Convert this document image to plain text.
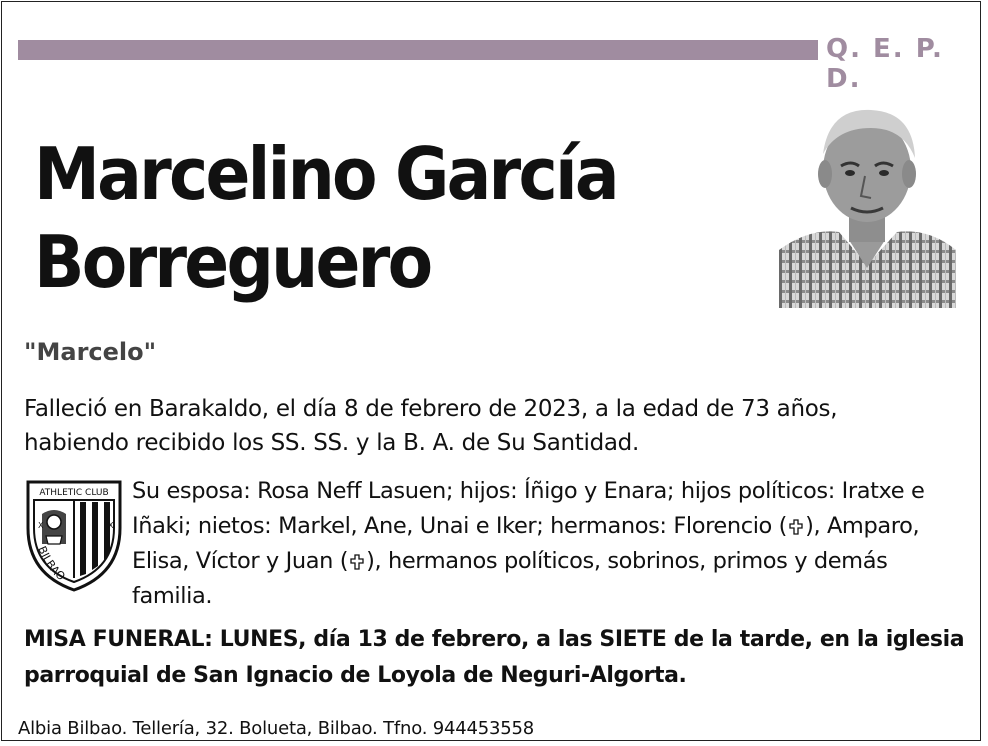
Q. E. P. D.
Marcelino García
Borreguero
"Marcelo"
Falleció en Barakaldo, el día 8 de febrero de 2023, a la edad de 73 años,
habiendo recibido los SS. SS. y la B. A. de Su Santidad.
ATHLETIC CLUB
X	X
BILBAO
Su esposa: Rosa Neff Lasuen; hijos: Íñigo y Enara; hijos políticos: Iratxe e Iñaki; nietos: Markel, Ane, Unai e Iker; hermanos: Florencio ( ), Amparo, Elisa, Víctor y Juan ( ), hermanos políticos, sobrinos, primos y demás familia.
MISA FUNERAL: LUNES, día 13 de febrero, a las SIETE de la tarde, en la iglesia parroquial de San Ignacio de Loyola de Neguri-Algorta.
Albia Bilbao. Tellería, 32. Bolueta, Bilbao. Tfno. 944453558
